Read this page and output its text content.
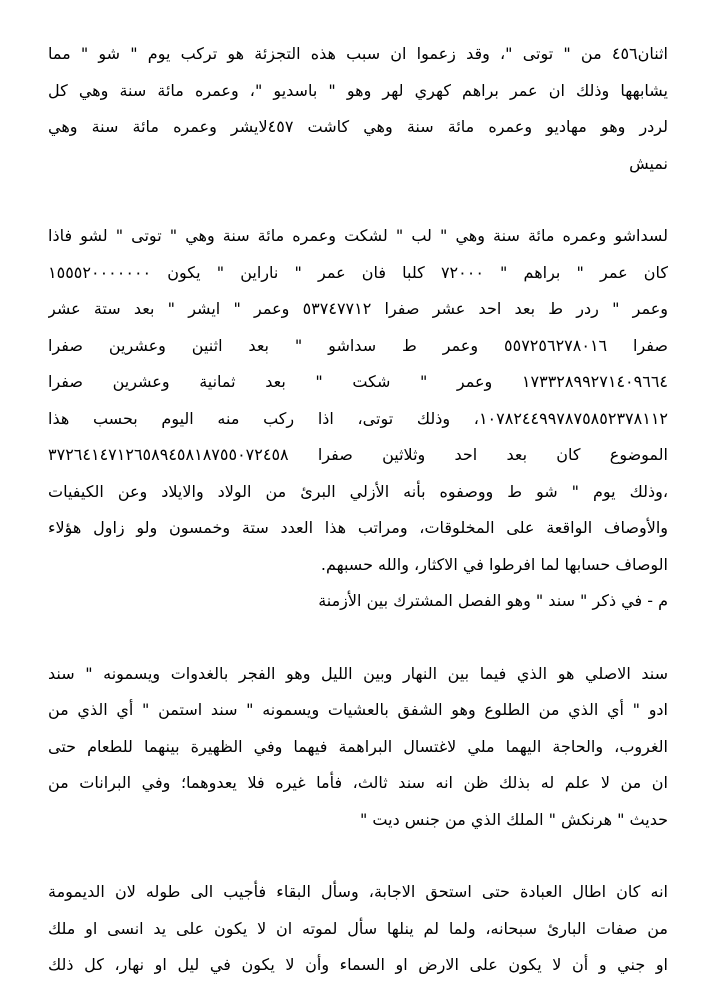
اثنان٤٥٦ من " توتى "، وقد زعموا ان سبب هذه التجزئة هو تركب يوم " شو " مما
يشابهها وذلك ان عمر براهم كهري لهر وهو " باسديو "، وعمره مائة سنة وهي كل
لردر وهو مهاديو وعمره مائة سنة وهي كاشت ٤٥٧لايشر وعمره مائة سنة وهي
نميش
لسداشو وعمره مائة سنة وهي " لب " لشكت وعمره مائة سنة وهي " توتى " لشو فاذا
كان عمر " براهم " ٧٢٠٠٠ كلبا فان عمر " ناراين " يكون ١٥٥٥٢٠٠٠٠٠٠٠
وعمر " ردر ط بعد احد عشر صفرا ٥٣٧٤٧٧١٢ وعمر " ايشر " بعد ستة عشر
صفرا ٥٥٧٢٥٦٢٧٨٠١٦ وعمر ط سداشو " بعد اثنين وعشرين صفرا
١٧٣٣٢٨٩٩٢٧١٤٠٩٦٦٤ وعمر " شكت " بعد ثمانية وعشرين صفرا
١٠٧٨٢٤٤٩٩٧٨٧٥٨٥٢٣٧٨١١٢، وذلك توتى، اذا ركب منه اليوم بحسب هذا
الموضوع كان بعد احد وثلاثين صفرا ٣٧٢٦٤١٤٧١٢٦٥٨٩٤٥٨١٨٧٥٥٠٧٢٤٥٨
،وذلك يوم " شو ط ووصفوه بأنه الأزلي البرئ من الولاد والايلاد وعن الكيفيات
والأوصاف الواقعة على المخلوقات، ومراتب هذا العدد ستة وخمسون ولو زاول هؤلاء
الوصاف حسابها لما افرطوا في الاكثار، والله حسبهم.
م - في ذكر " سند " وهو الفصل المشترك بين الأزمنة
سند الاصلي هو الذي فيما بين النهار وبين الليل وهو الفجر بالغدوات ويسمونه " سند
ادو " أي الذي من الطلوع وهو الشفق بالعشيات ويسمونه " سند استمن " أي الذي من
الغروب، والحاجة اليهما ملي لاغتسال البراهمة فيهما وفي الظهيرة بينهما للطعام حتى
ان من لا علم له بذلك ظن انه سند ثالث، فأما غيره فلا يعدوهما؛ وفي البرانات من
حديث " هرنكش " الملك الذي من جنس ديت "
انه كان اطال العبادة حتى استحق الاجابة، وسأل البقاء فأجيب الى طوله لان الديمومة
من صفات البارئ سبحانه، ولما لم ينلها سأل لموته ان لا يكون على يد انسى او ملك
او جني و أن لا يكون على الارض او السماء وأن لا يكون في ليل او نهار، كل ذلك
